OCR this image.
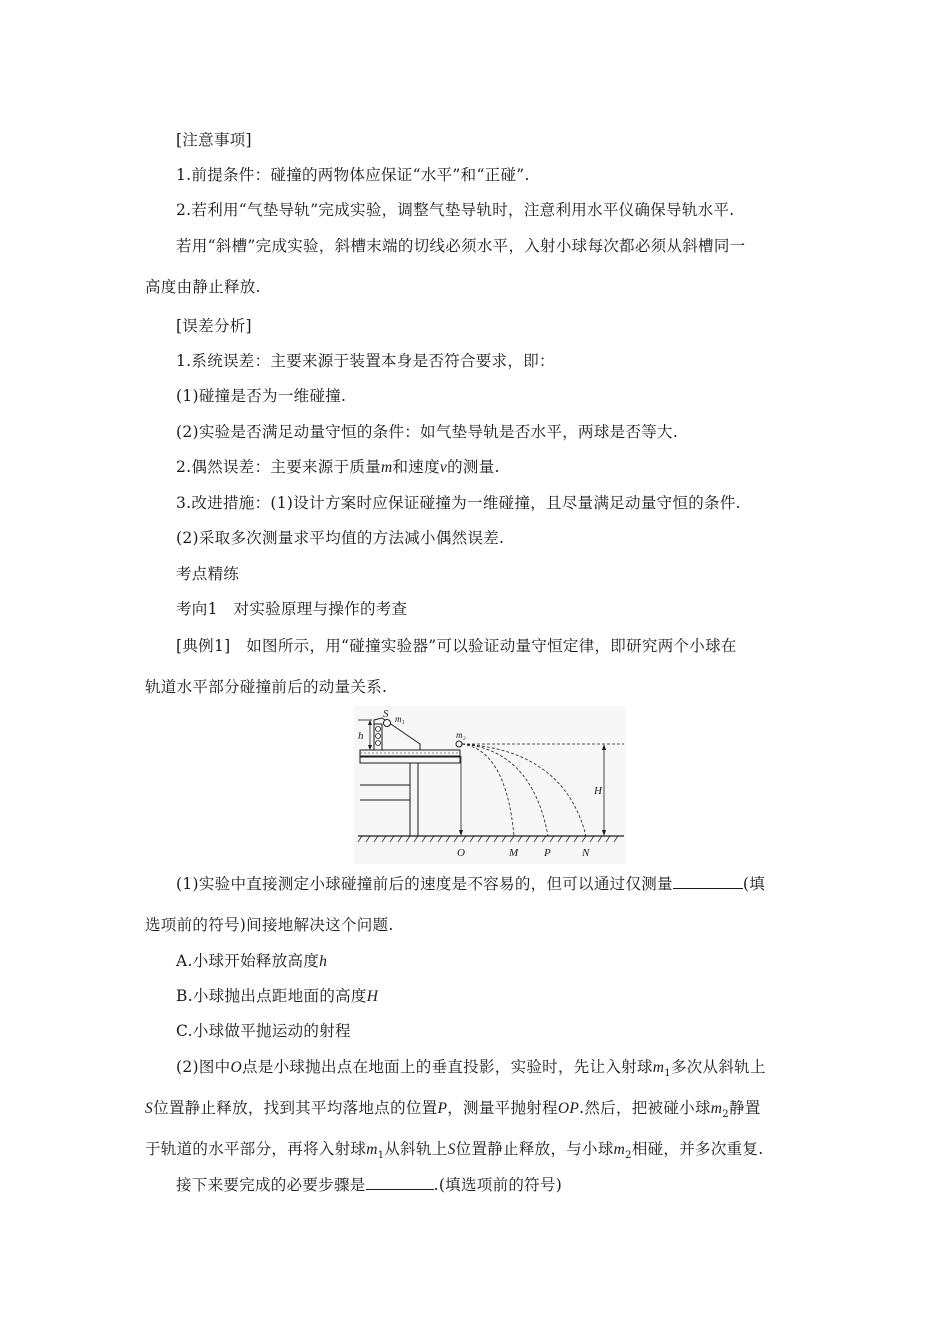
[注意事项]
1.前提条件：碰撞的两物体应保证“水平”和“正碰”.
2.若利用“气垫导轨”完成实验，调整气垫导轨时，注意利用水平仪确保导轨水平.
若用“斜槽”完成实验，斜槽末端的切线必须水平，入射小球每次都必须从斜槽同一
高度由静止释放.
[误差分析]
1.系统误差：主要来源于装置本身是否符合要求，即：
(1)碰撞是否为一维碰撞.
(2)实验是否满足动量守恒的条件：如气垫导轨是否水平，两球是否等大.
2.偶然误差：主要来源于质量m和速度v的测量.
3.改进措施：(1)设计方案时应保证碰撞为一维碰撞，且尽量满足动量守恒的条件.
(2)采取多次测量求平均值的方法减小偶然误差.
考点精练
考向1　对实验原理与操作的考查
[典例1]　如图所示，用“碰撞实验器”可以验证动量守恒定律，即研究两个小球在
轨道水平部分碰撞前后的动量关系.
S m₁
m₂
h
H
O	M P	N
(1)实验中直接测定小球碰撞前后的速度是不容易的，但可以通过仅测量	(填
选项前的符号)间接地解决这个问题.
A.小球开始释放高度h
B.小球抛出点距地面的高度H
C.小球做平抛运动的射程
(2)图中O点是小球抛出点在地面上的垂直投影，实验时，先让入射球$m_1$多次从斜轨上
S位置静止释放，找到其平均落地点的位置P，测量平抛射程OP.然后，把被碰小球$m_2$静置
于轨道的水平部分，再将入射球$m_1$从斜轨上S位置静止释放，与小球$m_2$相碰，并多次重复.
接下来要完成的必要步骤是	.(填选项前的符号)
